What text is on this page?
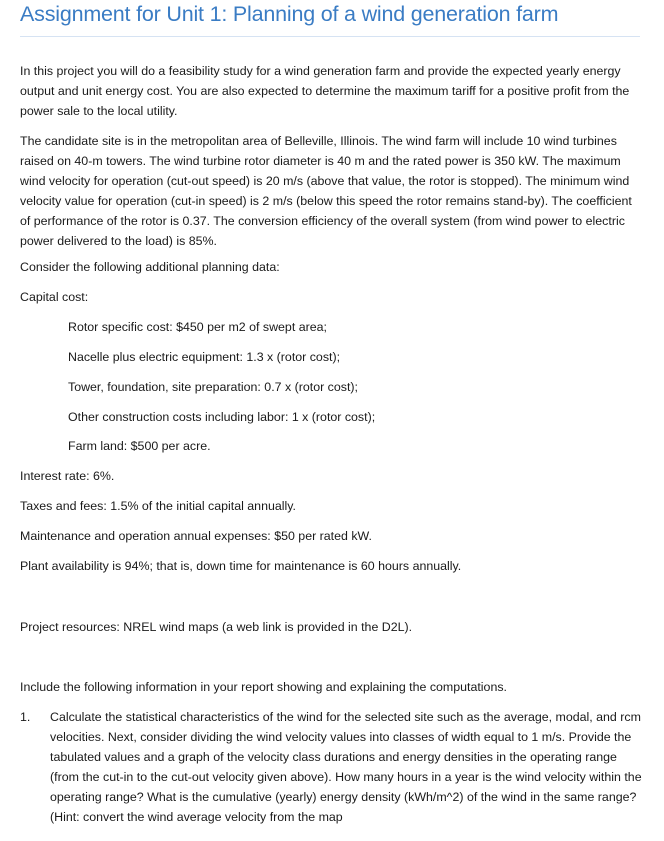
Assignment for Unit 1: Planning of a wind generation farm

In this project you will do a feasibility study for a wind generation farm and provide the expected yearly energy output and unit energy cost. You are also expected to determine the maximum tariff for a positive profit from the power sale to the local utility.

The candidate site is in the metropolitan area of Belleville, Illinois. The wind farm will include 10 wind turbines raised on 40-m towers. The wind turbine rotor diameter is 40 m and the rated power is 350 kW. The maximum wind velocity for operation (cut-out speed) is 20 m/s (above that value, the rotor is stopped). The minimum wind velocity value for operation (cut-in speed) is 2 m/s (below this speed the rotor remains stand-by). The coefficient of performance of the rotor is 0.37. The conversion efficiency of the overall system (from wind power to electric power delivered to the load) is 85%.

Consider the following additional planning data:
Capital cost:
Rotor specific cost: $450 per m2 of swept area;
Nacelle plus electric equipment: 1.3 x (rotor cost);
Tower, foundation, site preparation: 0.7 x (rotor cost);
Other construction costs including labor: 1 x (rotor cost);
Farm land: $500 per acre.
Interest rate: 6%.
Taxes and fees: 1.5% of the initial capital annually.
Maintenance and operation annual expenses: $50 per rated kW.
Plant availability is 94%; that is, down time for maintenance is 60 hours annually.
Project resources: NREL wind maps (a web link is provided in the D2L).
Include the following information in your report showing and explaining the computations.
1. Calculate the statistical characteristics of the wind for the selected site such as the average, modal, and rcm velocities. Next, consider dividing the wind velocity values into classes of width equal to 1 m/s. Provide the tabulated values and a graph of the velocity class durations and energy densities in the operating range (from the cut-in to the cut-out velocity given above). How many hours in a year is the wind velocity within the operating range? What is the cumulative (yearly) energy density (kWh/m^2) of the wind in the same range? (Hint: convert the wind average velocity from the map
